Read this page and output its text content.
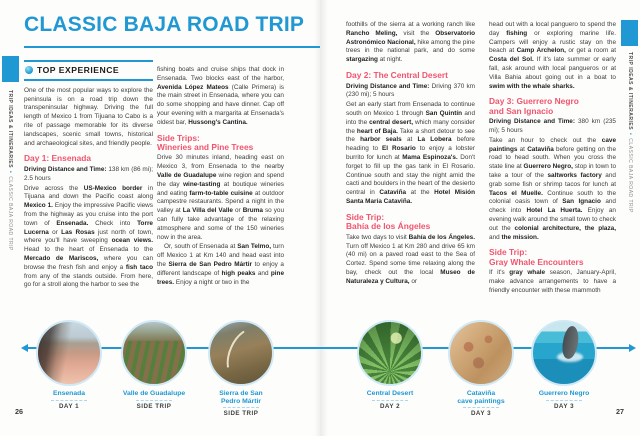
TRIP IDEAS & ITINERARIES•CLASSIC BAJA ROAD TRIP
TRIP IDEAS & ITINERARIES•CLASSIC BAJA ROAD TRIP
CLASSIC BAJA ROAD TRIP
TOP EXPERIENCE

One of the most popular ways to explore the peninsula is on a road trip down the transpeninsular highway. Driving the full length of Mexico 1 from Tijuana to Cabo is a rite of passage memorable for its diverse landscapes, scenic small towns, historical and archaeological sites, and friendly people.

Day 1: Ensenada

Driving Distance and Time: 138 km (86 mi); 2.5 hours

Drive across the US-Mexico border in Tijuana and down the Pacific coast along Mexico 1. Enjoy the impressive Pacific views from the highway as you cruise into the port town of Ensenada. Check into Torre Lucerna or Las Rosas just north of town, where you'll have sweeping ocean views. Head to the heart of Ensenada to the Mercado de Mariscos, where you can browse the fresh fish and enjoy a fish taco from any of the stands outside. From here, go for a stroll along the harbor to see the

fishing boats and cruise ships that dock in Ensenada. Two blocks east of the harbor, Avenida López Mateos (Calle Primera) is the main street in Ensenada, where you can do some shopping and have dinner. Cap off your evening with a margarita at Ensenada's oldest bar, Hussong's Cantina.

Side Trips:
Wineries and Pine Trees

Drive 30 minutes inland, heading east on Mexico 3, from Ensenada to the nearby Valle de Guadalupe wine region and spend the day wine-tasting at boutique wineries and eating farm-to-table cuisine at outdoor campestre restaurants. Spend a night in the valley at La Villa del Valle or Bruma so you can fully take advantage of the relaxing atmosphere and some of the 150 wineries now in the area.

Or, south of Ensenada at San Telmo, turn off Mexico 1 at Km 140 and head east into the Sierra de San Pedro Mártir to enjoy a different landscape of high peaks and pine trees. Enjoy a night or two in the

foothills of the sierra at a working ranch like Rancho Meling, visit the Observatorio Astronómico Nacional, hike among the pine trees in the national park, and do some stargazing at night.

Day 2: The Central Desert

Driving Distance and Time: Driving 370 km (230 mi); 5 hours

Get an early start from Ensenada to continue south on Mexico 1 through San Quintín and into the central desert, which many consider the heart of Baja. Take a short detour to see the harbor seals at La Lobera before heading to El Rosario to enjoy a lobster burrito for lunch at Mama Espinoza's. Don't forget to fill up the gas tank in El Rosario. Continue south and stay the night amid the cacti and boulders in the heart of the desierto central in Cataviña at the Hotel Misión Santa María Cataviña.

Side Trip:
Bahía de los Ángeles

Take two days to visit Bahía de los Ángeles. Turn off Mexico 1 at Km 280 and drive 65 km (40 mi) on a paved road east to the Sea of Cortez. Spend some time relaxing along the bay, check out the local Museo de Naturaleza y Cultura, or

head out with a local panguero to spend the day fishing or exploring marine life. Campers will enjoy a rustic stay on the beach at Camp Archelon, or get a room at Costa del Sol. If it's late summer or early fall, ask around with local pangueros or at Villa Bahia about going out in a boat to swim with the whale sharks.

Day 3: Guerrero Negro
and San Ignacio

Driving Distance and Time: 380 km (235 mi); 5 hours

Take an hour to check out the cave paintings at Cataviña before getting on the road to head south. When you cross the state line at Guerrero Negro, stop in town to take a tour of the saltworks factory and grab some fish or shrimp tacos for lunch at Tacos el Muelle. Continue south to the colonial oasis town of San Ignacio and check into Hotel La Huerta. Enjoy an evening walk around the small town to check out the colonial architecture, the plaza, and the mission.

Side Trip:
Gray Whale Encounters

If it's gray whale season, January-April, make advance arrangements to have a friendly encounter with these mammoth

Ensenada
DAY 1
Valle de Guadalupe
SIDE TRIP
Sierra de San
Pedro Mártir
SIDE TRIP
Central Desert
DAY 2
Cataviña
cave paintings
DAY 3
Guerrero Negro
DAY 3
26	27
